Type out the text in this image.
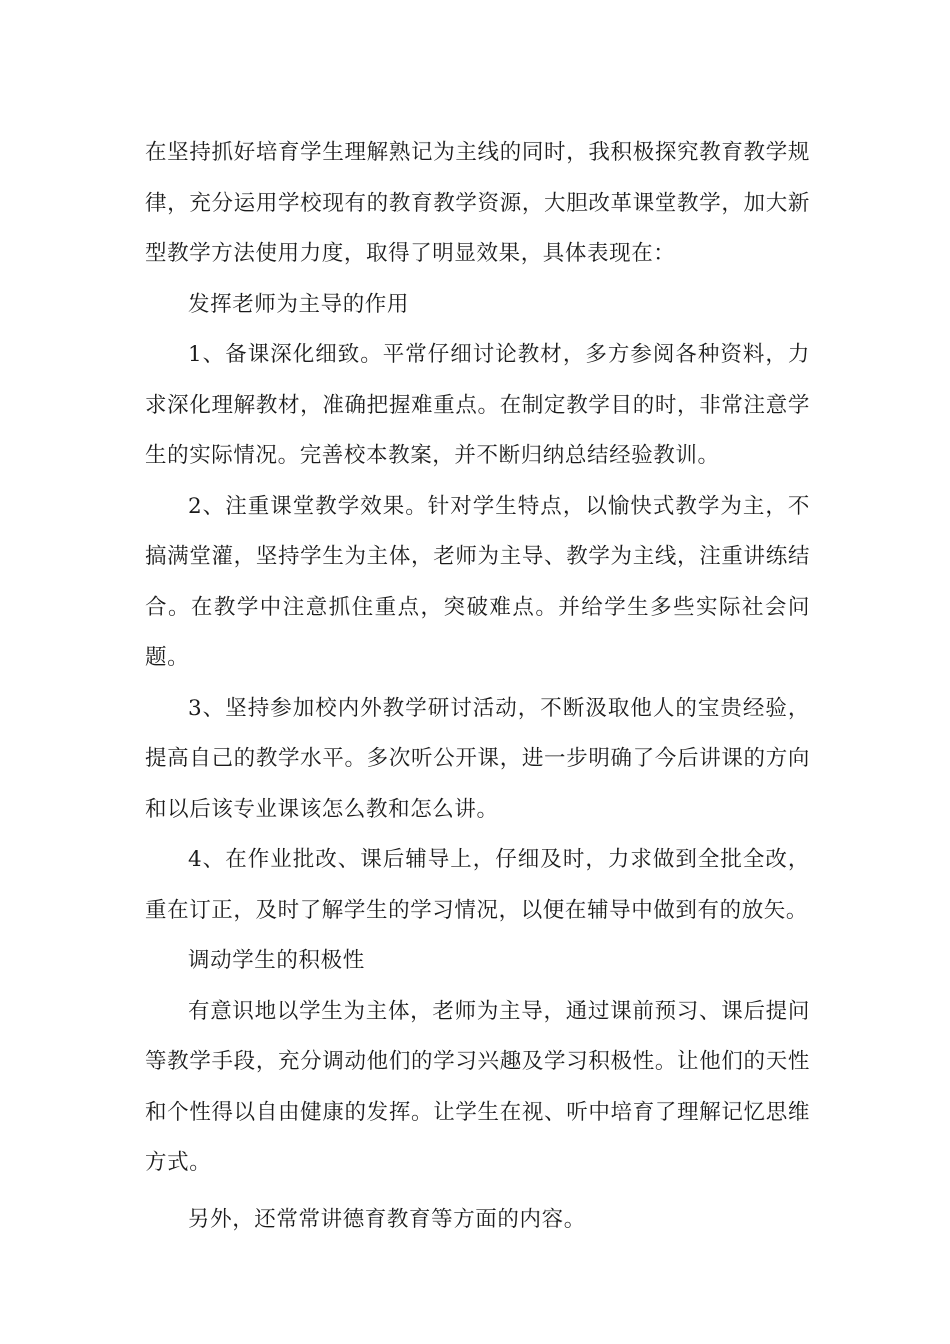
在坚持抓好培育学生理解熟记为主线的同时，我积极探究教育教学规律，充分运用学校现有的教育教学资源，大胆改革课堂教学，加大新型教学方法使用力度，取得了明显效果，具体表现在：

发挥老师为主导的作用

1、备课深化细致。平常仔细讨论教材，多方参阅各种资料，力求深化理解教材，准确把握难重点。在制定教学目的时，非常注意学生的实际情况。完善校本教案，并不断归纳总结经验教训。

2、注重课堂教学效果。针对学生特点，以愉快式教学为主，不搞满堂灌，坚持学生为主体，老师为主导、教学为主线，注重讲练结合。在教学中注意抓住重点，突破难点。并给学生多些实际社会问题。

3、坚持参加校内外教学研讨活动，不断汲取他人的宝贵经验，提高自己的教学水平。多次听公开课，进一步明确了今后讲课的方向和以后该专业课该怎么教和怎么讲。

4、在作业批改、课后辅导上，仔细及时，力求做到全批全改，重在订正，及时了解学生的学习情况，以便在辅导中做到有的放矢。

调动学生的积极性

有意识地以学生为主体，老师为主导，通过课前预习、课后提问等教学手段，充分调动他们的学习兴趣及学习积极性。让他们的天性和个性得以自由健康的发挥。让学生在视、听中培育了理解记忆思维方式。

另外，还常常讲德育教育等方面的内容。
